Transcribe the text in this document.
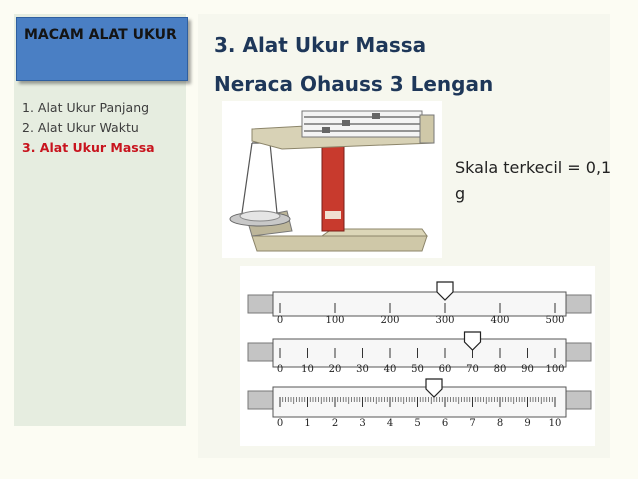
MACAM ALAT UKUR
1. Alat Ukur Panjang
2. Alat Ukur Waktu
3. Alat Ukur Massa
3. Alat Ukur Massa
Neraca Ohauss 3 Lengan
Skala terkecil = 0,1 g
0	100	200	300	400	500
0 10 20 30 40 50 60 70 80 90 100
0 1 2 3 4 5 6 7 8 9 10
